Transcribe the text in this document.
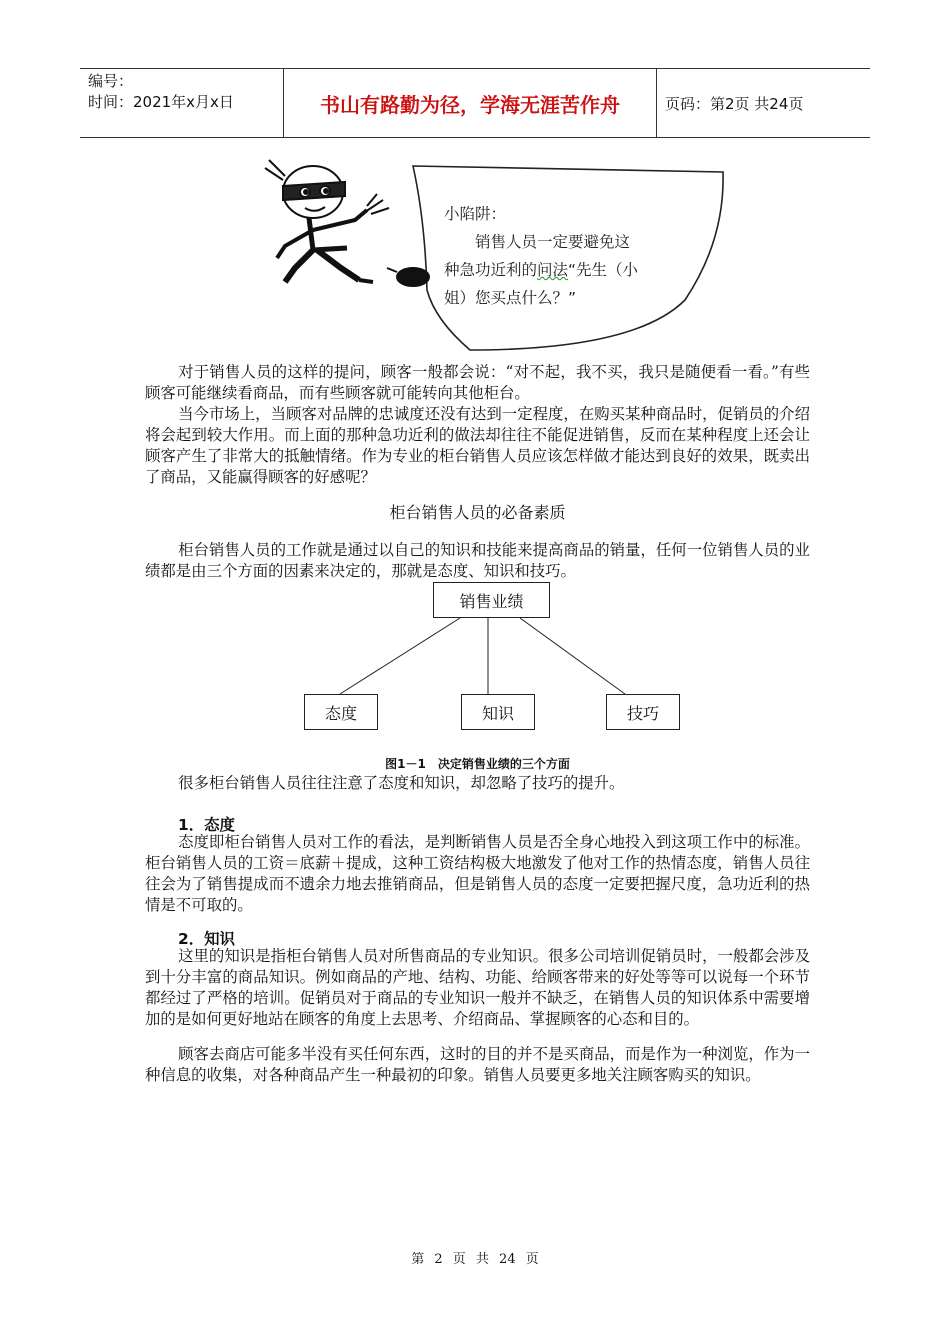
编号：
时间：2021年x月x日	书山有路勤为径，学海无涯苦作舟	页码：第2页 共24页
小陷阱：
销售人员一定要避免这
种急功近利的问法“先生（小
姐）您买点什么？”
对于销售人员的这样的提问，顾客一般都会说：“对不起，我不买，我只是随便看一看。”有些顾客可能继续看商品，而有些顾客就可能转向其他柜台。
当今市场上，当顾客对品牌的忠诚度还没有达到一定程度，在购买某种商品时，促销员的介绍将会起到较大作用。而上面的那种急功近利的做法却往往不能促进销售，反而在某种程度上还会让顾客产生了非常大的抵触情绪。作为专业的柜台销售人员应该怎样做才能达到良好的效果，既卖出了商品，又能赢得顾客的好感呢？
柜台销售人员的必备素质
柜台销售人员的工作就是通过以自己的知识和技能来提高商品的销量，任何一位销售人员的业绩都是由三个方面的因素来决定的，那就是态度、知识和技巧。
销售业绩
态度	知识	技巧
图1－1　决定销售业绩的三个方面
很多柜台销售人员往往注意了态度和知识，却忽略了技巧的提升。
1．态度
态度即柜台销售人员对工作的看法，是判断销售人员是否全身心地投入到这项工作中的标准。柜台销售人员的工资＝底薪＋提成，这种工资结构极大地激发了他对工作的热情态度，销售人员往往会为了销售提成而不遗余力地去推销商品，但是销售人员的态度一定要把握尺度，急功近利的热情是不可取的。
2．知识
这里的知识是指柜台销售人员对所售商品的专业知识。很多公司培训促销员时，一般都会涉及到十分丰富的商品知识。例如商品的产地、结构、功能、给顾客带来的好处等等可以说每一个环节都经过了严格的培训。促销员对于商品的专业知识一般并不缺乏，在销售人员的知识体系中需要增加的是如何更好地站在顾客的角度上去思考、介绍商品、掌握顾客的心态和目的。
顾客去商店可能多半没有买任何东西，这时的目的并不是买商品，而是作为一种浏览，作为一种信息的收集，对各种商品产生一种最初的印象。销售人员要更多地关注顾客购买的知识。
第 2 页 共 24 页
